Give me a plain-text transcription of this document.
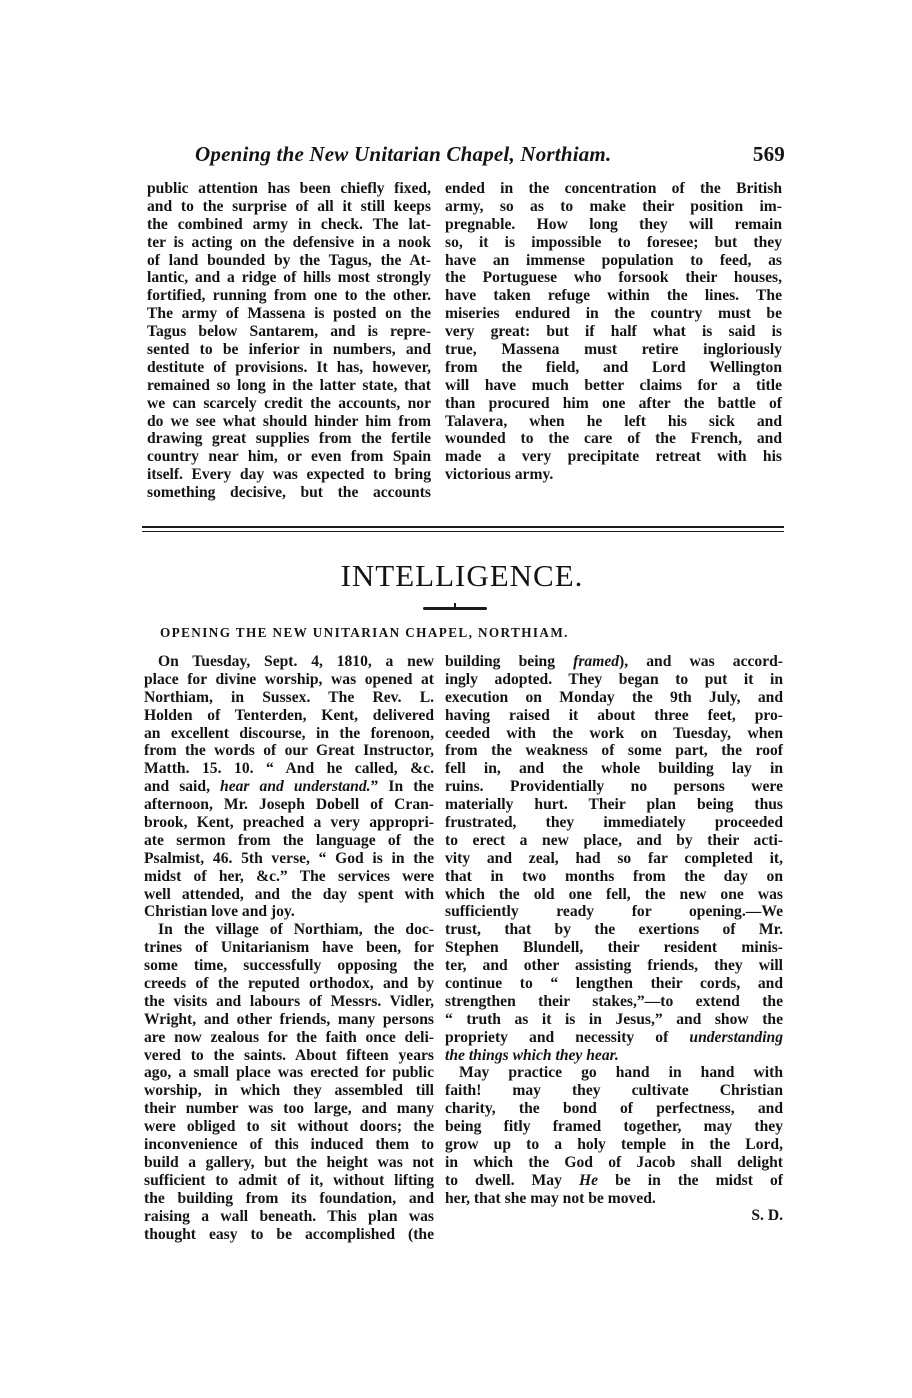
Opening the New Unitarian Chapel, Northiam.	569
public attention has been chiefly fixed,
and to the surprise of all it still keeps
the combined army in check. The lat-
ter is acting on the defensive in a nook
of land bounded by the Tagus, the At-
lantic, and a ridge of hills most strongly
fortified, running from one to the other.
The army of Massena is posted on the
Tagus below Santarem, and is repre-
sented to be inferior in numbers, and
destitute of provisions. It has, however,
remained so long in the latter state, that
we can scarcely credit the accounts, nor
do we see what should hinder him from
drawing great supplies from the fertile
country near him, or even from Spain
itself. Every day was expected to bring
something decisive, but the accounts
ended in the concentration of the British
army, so as to make their position im-
pregnable. How long they will remain
so, it is impossible to foresee; but they
have an immense population to feed, as
the Portuguese who forsook their houses,
have taken refuge within the lines. The
miseries endured in the country must be
very great: but if half what is said is
true, Massena must retire ingloriously
from the field, and Lord Wellington
will have much better claims for a title
than procured him one after the battle of
Talavera, when he left his sick and
wounded to the care of the French, and
made a very precipitate retreat with his
victorious army.
INTELLIGENCE.
OPENING THE NEW UNITARIAN CHAPEL, NORTHIAM.
On Tuesday, Sept. 4, 1810, a new
place for divine worship, was opened at
Northiam, in Sussex. The Rev. L.
Holden of Tenterden, Kent, delivered
an excellent discourse, in the forenoon,
from the words of our Great Instructor,
Matth. 15. 10. “ And he called, &c.
and said, hear and understand.” In the
afternoon, Mr. Joseph Dobell of Cran-
brook, Kent, preached a very appropri-
ate sermon from the language of the
Psalmist, 46. 5th verse, “ God is in the
midst of her, &c.” The services were
well attended, and the day spent with
Christian love and joy.
In the village of Northiam, the doc-
trines of Unitarianism have been, for
some time, successfully opposing the
creeds of the reputed orthodox, and by
the visits and labours of Messrs. Vidler,
Wright, and other friends, many persons
are now zealous for the faith once deli-
vered to the saints. About fifteen years
ago, a small place was erected for public
worship, in which they assembled till
their number was too large, and many
were obliged to sit without doors; the
inconvenience of this induced them to
build a gallery, but the height was not
sufficient to admit of it, without lifting
the building from its foundation, and
raising a wall beneath. This plan was
thought easy to be accomplished (the
building being framed), and was accord-
ingly adopted. They began to put it in
execution on Monday the 9th July, and
having raised it about three feet, pro-
ceeded with the work on Tuesday, when
from the weakness of some part, the roof
fell in, and the whole building lay in
ruins. Providentially no persons were
materially hurt. Their plan being thus
frustrated, they immediately proceeded
to erect a new place, and by their acti-
vity and zeal, had so far completed it,
that in two months from the day on
which the old one fell, the new one was
sufficiently ready for opening.—We
trust, that by the exertions of Mr.
Stephen Blundell, their resident minis-
ter, and other assisting friends, they will
continue to “ lengthen their cords, and
strengthen their stakes,”—to extend the
“ truth as it is in Jesus,” and show the
propriety and necessity of understanding
the things which they hear.
May practice go hand in hand with
faith! may they cultivate Christian
charity, the bond of perfectness, and
being fitly framed together, may they
grow up to a holy temple in the Lord,
in which the God of Jacob shall delight
to dwell. May He be in the midst of
her, that she may not be moved.
S. D.
